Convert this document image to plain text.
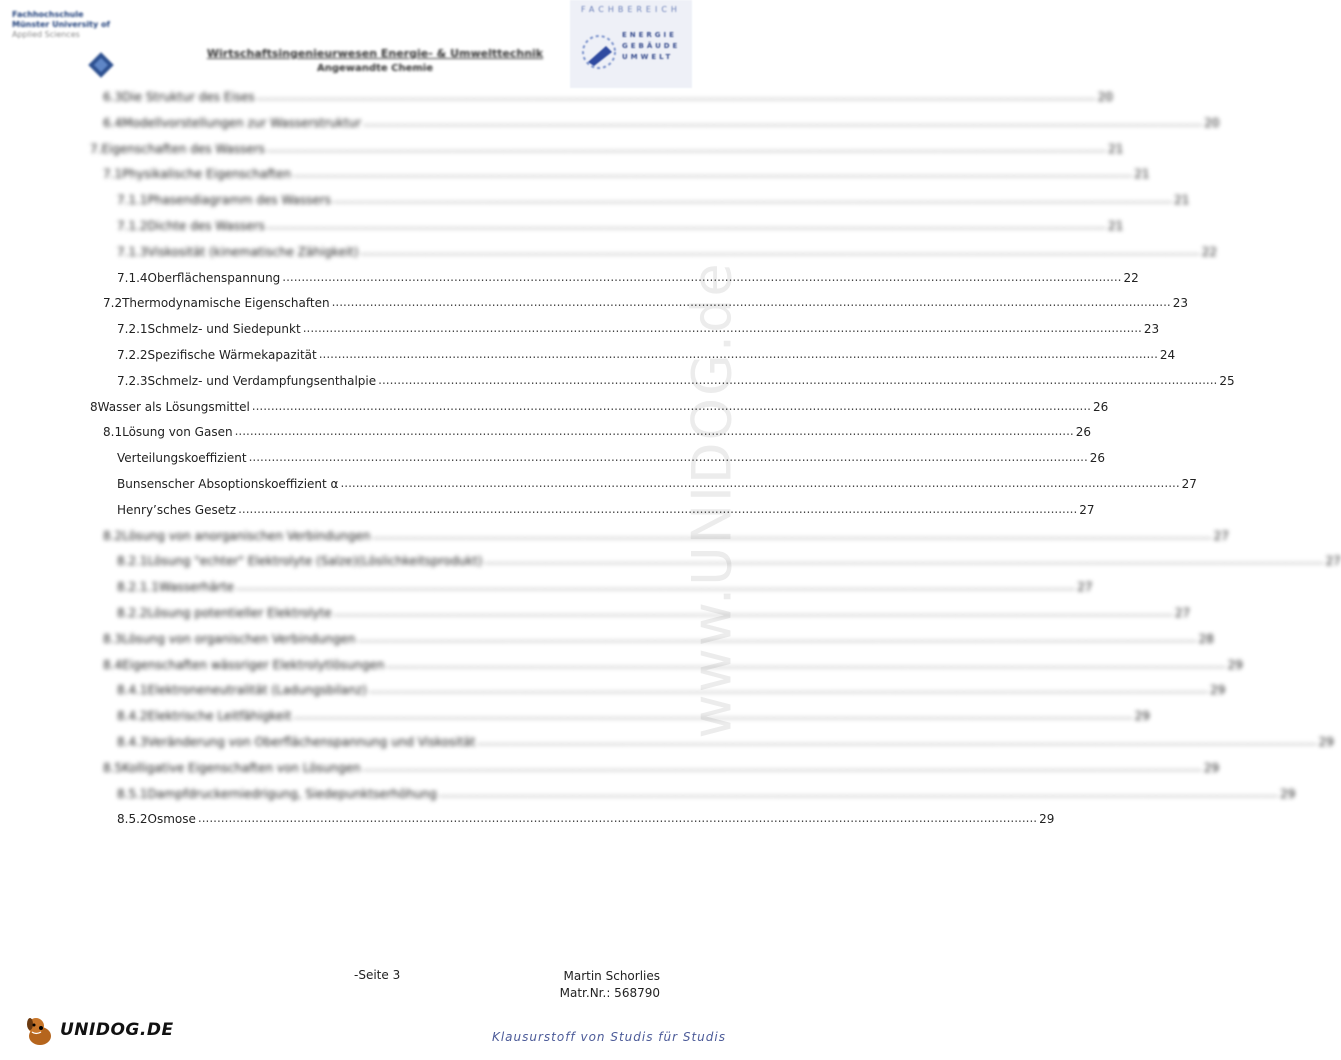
Fachhochschule
Münster University of
Applied Sciences
Wirtschaftsingenieurwesen Energie- & Umwelttechnik
Angewandte Chemie
FACHBEREICH
ENERGIE
GEBÄUDE
UMWELT
www.UNIDOG.de
6.3 Die Struktur des Eises ............................................................................................................................................................................................................................ 20
6.4 Modellvorstellungen zur Wasserstruktur ............................................................................................................................................................................................................................ 20
7. Eigenschaften des Wassers ............................................................................................................................................................................................................................ 21
7.1 Physikalische Eigenschaften ............................................................................................................................................................................................................................ 21
7.1.1 Phasendiagramm des Wassers ............................................................................................................................................................................................................................ 21
7.1.2 Dichte des Wassers ............................................................................................................................................................................................................................ 21
7.1.3 Viskosität (kinematische Zähigkeit) ............................................................................................................................................................................................................................ 22
7.1.4 Oberflächenspannung ............................................................................................................................................................................................................................ 22
7.2 Thermodynamische Eigenschaften ............................................................................................................................................................................................................................ 23
7.2.1 Schmelz- und Siedepunkt ............................................................................................................................................................................................................................ 23
7.2.2 Spezifische Wärmekapazität ............................................................................................................................................................................................................................ 24
7.2.3 Schmelz- und Verdampfungsenthalpie ............................................................................................................................................................................................................................ 25
8 Wasser als Lösungsmittel ............................................................................................................................................................................................................................ 26
8.1 Lösung von Gasen ............................................................................................................................................................................................................................ 26
Verteilungskoeffizient ............................................................................................................................................................................................................................ 26
Bunsenscher Absoptionskoeffizient α ............................................................................................................................................................................................................................ 27
Henry’sches Gesetz ............................................................................................................................................................................................................................ 27
8.2 Lösung von anorganischen Verbindungen ............................................................................................................................................................................................................................ 27
8.2.1 Lösung "echter" Elektrolyte (Salze)(Löslichkeitsprodukt) ............................................................................................................................................................................................................................ 27
8.2.1.1 Wasserhärte ............................................................................................................................................................................................................................ 27
8.2.2 Lösung potentieller Elektrolyte ............................................................................................................................................................................................................................ 27
8.3 Lösung von organischen Verbindungen ............................................................................................................................................................................................................................ 28
8.4 Eigenschaften wässriger Elektrolytlösungen ............................................................................................................................................................................................................................ 29
8.4.1 Elektroneneutralität (Ladungsbilanz) ............................................................................................................................................................................................................................ 29
8.4.2 Elektrische Leitfähigkeit ............................................................................................................................................................................................................................ 29
8.4.3 Veränderung von Oberflächenspannung und Viskosität ............................................................................................................................................................................................................................ 29
8.5 Kolligative Eigenschaften von Lösungen ............................................................................................................................................................................................................................ 29
8.5.1 Dampfdruckerniedrigung, Siedepunktserhöhung ............................................................................................................................................................................................................................ 29
8.5.2 Osmose ............................................................................................................................................................................................................................ 29
-Seite 3	Martin Schorlies
Matr.Nr.: 568790
UNIDOG.DE	Klausurstoff von Studis für Studis
